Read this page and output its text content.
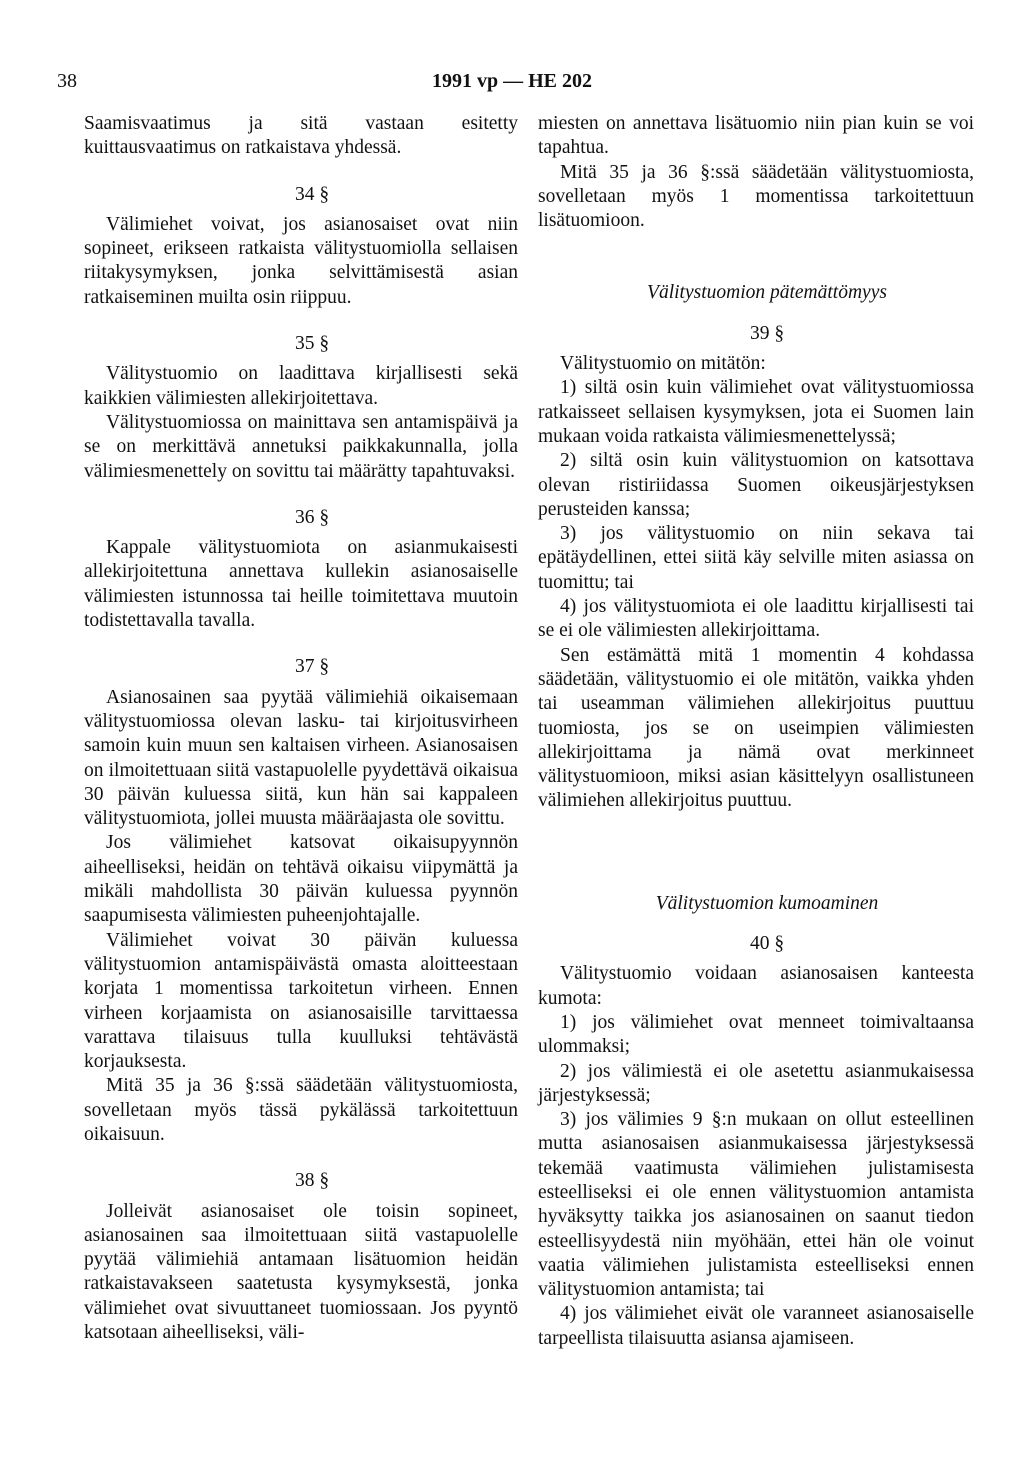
38	1991 vp — HE 202

Saamisvaatimus ja sitä vastaan esitetty kuittausvaatimus on ratkaistava yhdessä.

34 §

Välimiehet voivat, jos asianosaiset ovat niin sopineet, erikseen ratkaista välitystuomiolla sellaisen riitakysymyksen, jonka selvittämisestä asian ratkaiseminen muilta osin riippuu.

35 §

Välitystuomio on laadittava kirjallisesti sekä kaikkien välimiesten allekirjoitettava.

Välitystuomiossa on mainittava sen antamispäivä ja se on merkittävä annetuksi paikkakunnalla, jolla välimiesmenettely on sovittu tai määrätty tapahtuvaksi.

36 §

Kappale välitystuomiota on asianmukaisesti allekirjoitettuna annettava kullekin asianosaiselle välimiesten istunnossa tai heille toimitettava muutoin todistettavalla tavalla.

37 §

Asianosainen saa pyytää välimiehiä oikaisemaan välitystuomiossa olevan lasku- tai kirjoitusvirheen samoin kuin muun sen kaltaisen virheen. Asianosaisen on ilmoitettuaan siitä vastapuolelle pyydettävä oikaisua 30 päivän kuluessa siitä, kun hän sai kappaleen välitystuomiota, jollei muusta määräajasta ole sovittu.

Jos välimiehet katsovat oikaisupyynnön aiheelliseksi, heidän on tehtävä oikaisu viipymättä ja mikäli mahdollista 30 päivän kuluessa pyynnön saapumisesta välimiesten puheenjohtajalle.

Välimiehet voivat 30 päivän kuluessa välitystuomion antamispäivästä omasta aloitteestaan korjata 1 momentissa tarkoitetun virheen. Ennen virheen korjaamista on asianosaisille tarvittaessa varattava tilaisuus tulla kuulluksi tehtävästä korjauksesta.

Mitä 35 ja 36 §:ssä säädetään välitystuomiosta, sovelletaan myös tässä pykälässä tarkoitettuun oikaisuun.

38 §

Jolleivät asianosaiset ole toisin sopineet, asianosainen saa ilmoitettuaan siitä vastapuolelle pyytää välimiehiä antamaan lisätuomion heidän ratkaistavakseen saatetusta kysymyksestä, jonka välimiehet ovat sivuuttaneet tuomiossaan. Jos pyyntö katsotaan aiheelliseksi, väli-

miesten on annettava lisätuomio niin pian kuin se voi tapahtua.

Mitä 35 ja 36 §:ssä säädetään välitystuomiosta, sovelletaan myös 1 momentissa tarkoitettuun lisätuomioon.

Välitystuomion pätemättömyys

39 §

Välitystuomio on mitätön:

1) siltä osin kuin välimiehet ovat välitystuomiossa ratkaisseet sellaisen kysymyksen, jota ei Suomen lain mukaan voida ratkaista välimiesmenettelyssä;

2) siltä osin kuin välitystuomion on katsottava olevan ristiriidassa Suomen oikeusjärjestyksen perusteiden kanssa;

3) jos välitystuomio on niin sekava tai epätäydellinen, ettei siitä käy selville miten asiassa on tuomittu; tai

4) jos välitystuomiota ei ole laadittu kirjallisesti tai se ei ole välimiesten allekirjoittama.

Sen estämättä mitä 1 momentin 4 kohdassa säädetään, välitystuomio ei ole mitätön, vaikka yhden tai useamman välimiehen allekirjoitus puuttuu tuomiosta, jos se on useimpien välimiesten allekirjoittama ja nämä ovat merkinneet välitystuomioon, miksi asian käsittelyyn osallistuneen välimiehen allekirjoitus puuttuu.

Välitystuomion kumoaminen

40 §

Välitystuomio voidaan asianosaisen kanteesta kumota:

1) jos välimiehet ovat menneet toimivaltaansa ulommaksi;

2) jos välimiestä ei ole asetettu asianmukaisessa järjestyksessä;

3) jos välimies 9 §:n mukaan on ollut esteellinen mutta asianosaisen asianmukaisessa järjestyksessä tekemää vaatimusta välimiehen julistamisesta esteelliseksi ei ole ennen välitystuomion antamista hyväksytty taikka jos asianosainen on saanut tiedon esteellisyydestä niin myöhään, ettei hän ole voinut vaatia välimiehen julistamista esteelliseksi ennen välitystuomion antamista; tai

4) jos välimiehet eivät ole varanneet asianosaiselle tarpeellista tilaisuutta asiansa ajamiseen.
